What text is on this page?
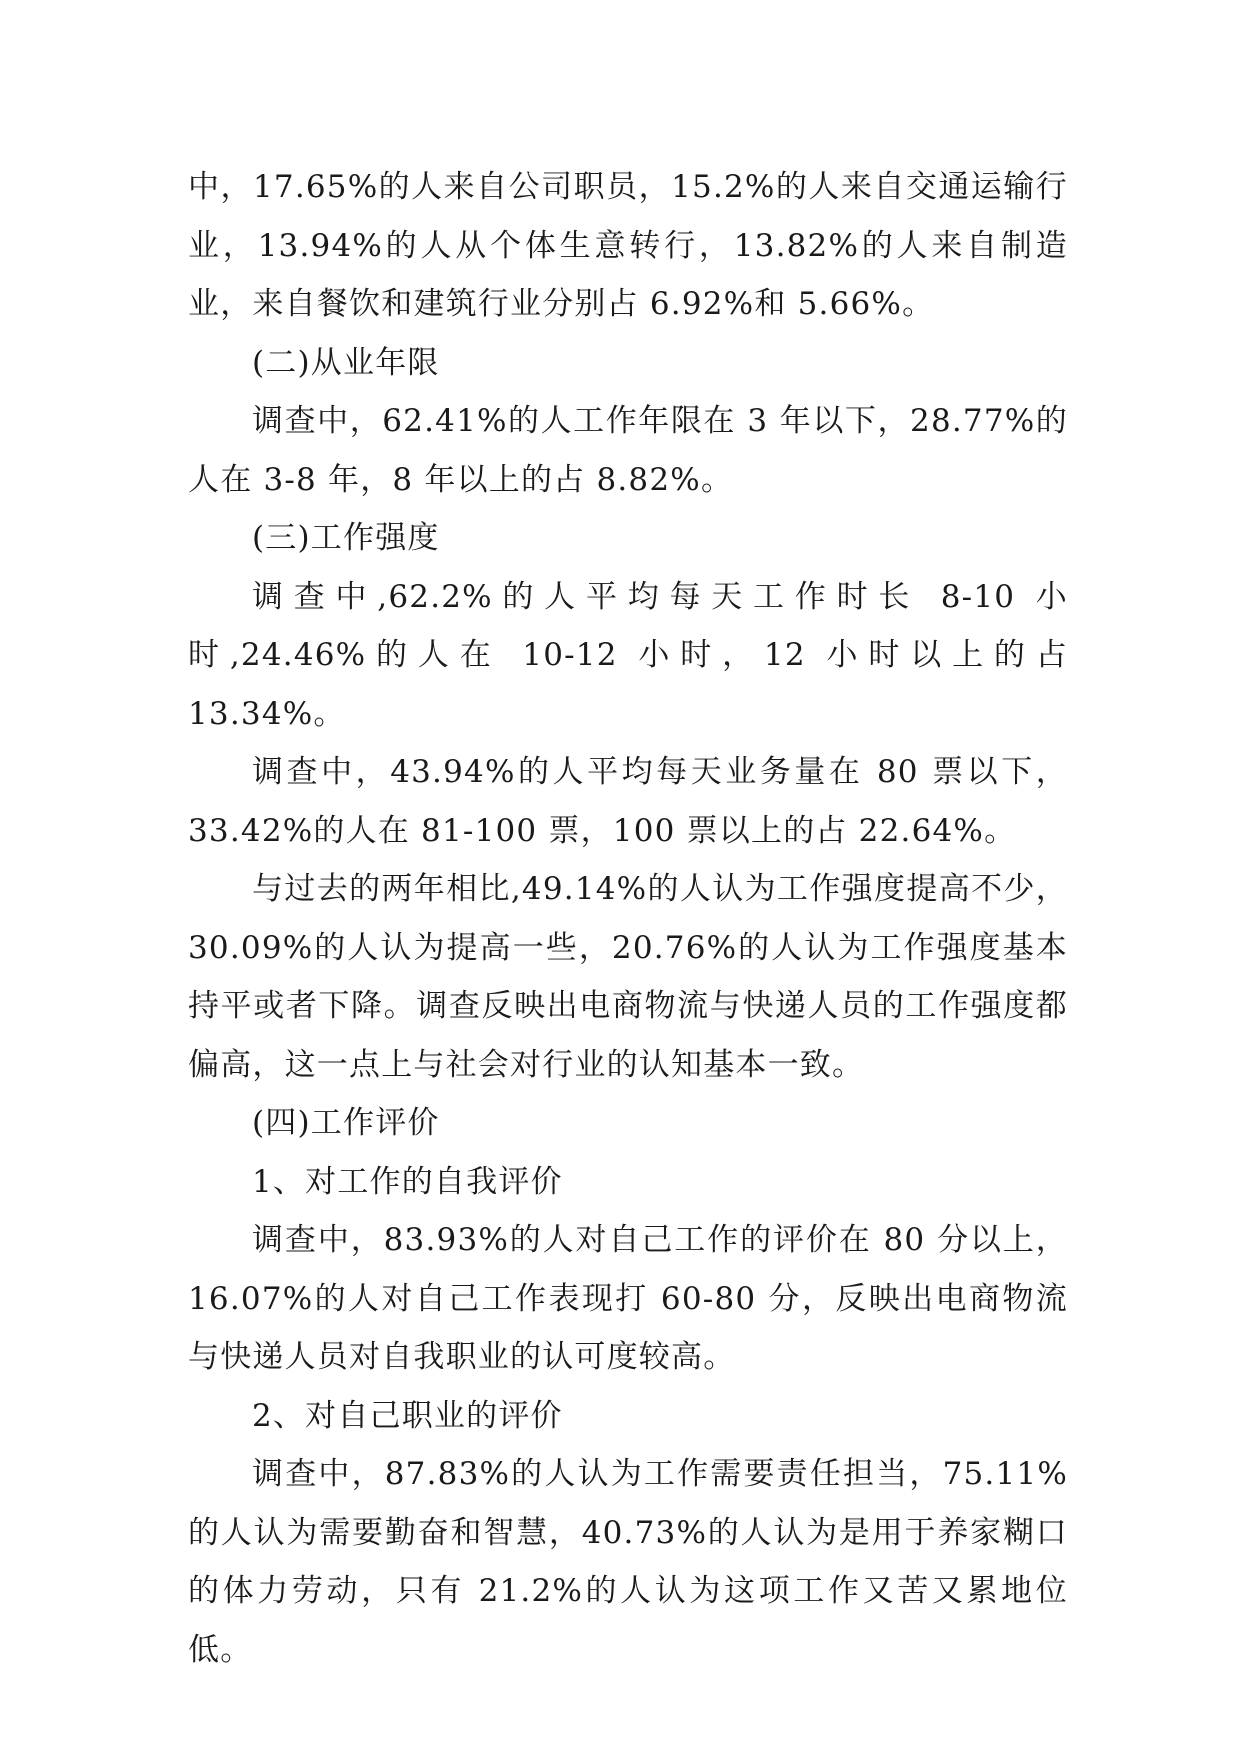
中，17.65%的人来自公司职员，15.2%的人来自交通运输行业，13.94%的人从个体生意转行，13.82%的人来自制造业，来自餐饮和建筑行业分别占 6.92%和 5.66%。

(二)从业年限

调查中，62.41%的人工作年限在 3 年以下，28.77%的人在 3-8 年，8 年以上的占 8.82%。

(三)工作强度

调查中,62.2%的人平均每天工作时长 8-10 小时,24.46%的人在 10-12 小时，12 小时以上的占 13.34%。

调查中，43.94%的人平均每天业务量在 80 票以下，33.42%的人在 81-100 票，100 票以上的占 22.64%。

与过去的两年相比,49.14%的人认为工作强度提高不少，30.09%的人认为提高一些，20.76%的人认为工作强度基本持平或者下降。调查反映出电商物流与快递人员的工作强度都偏高，这一点上与社会对行业的认知基本一致。

(四)工作评价

1、对工作的自我评价

调查中，83.93%的人对自己工作的评价在 80 分以上，16.07%的人对自己工作表现打 60-80 分，反映出电商物流与快递人员对自我职业的认可度较高。

2、对自己职业的评价

调查中，87.83%的人认为工作需要责任担当，75.11%的人认为需要勤奋和智慧，40.73%的人认为是用于养家糊口的体力劳动，只有 21.2%的人认为这项工作又苦又累地位低。
